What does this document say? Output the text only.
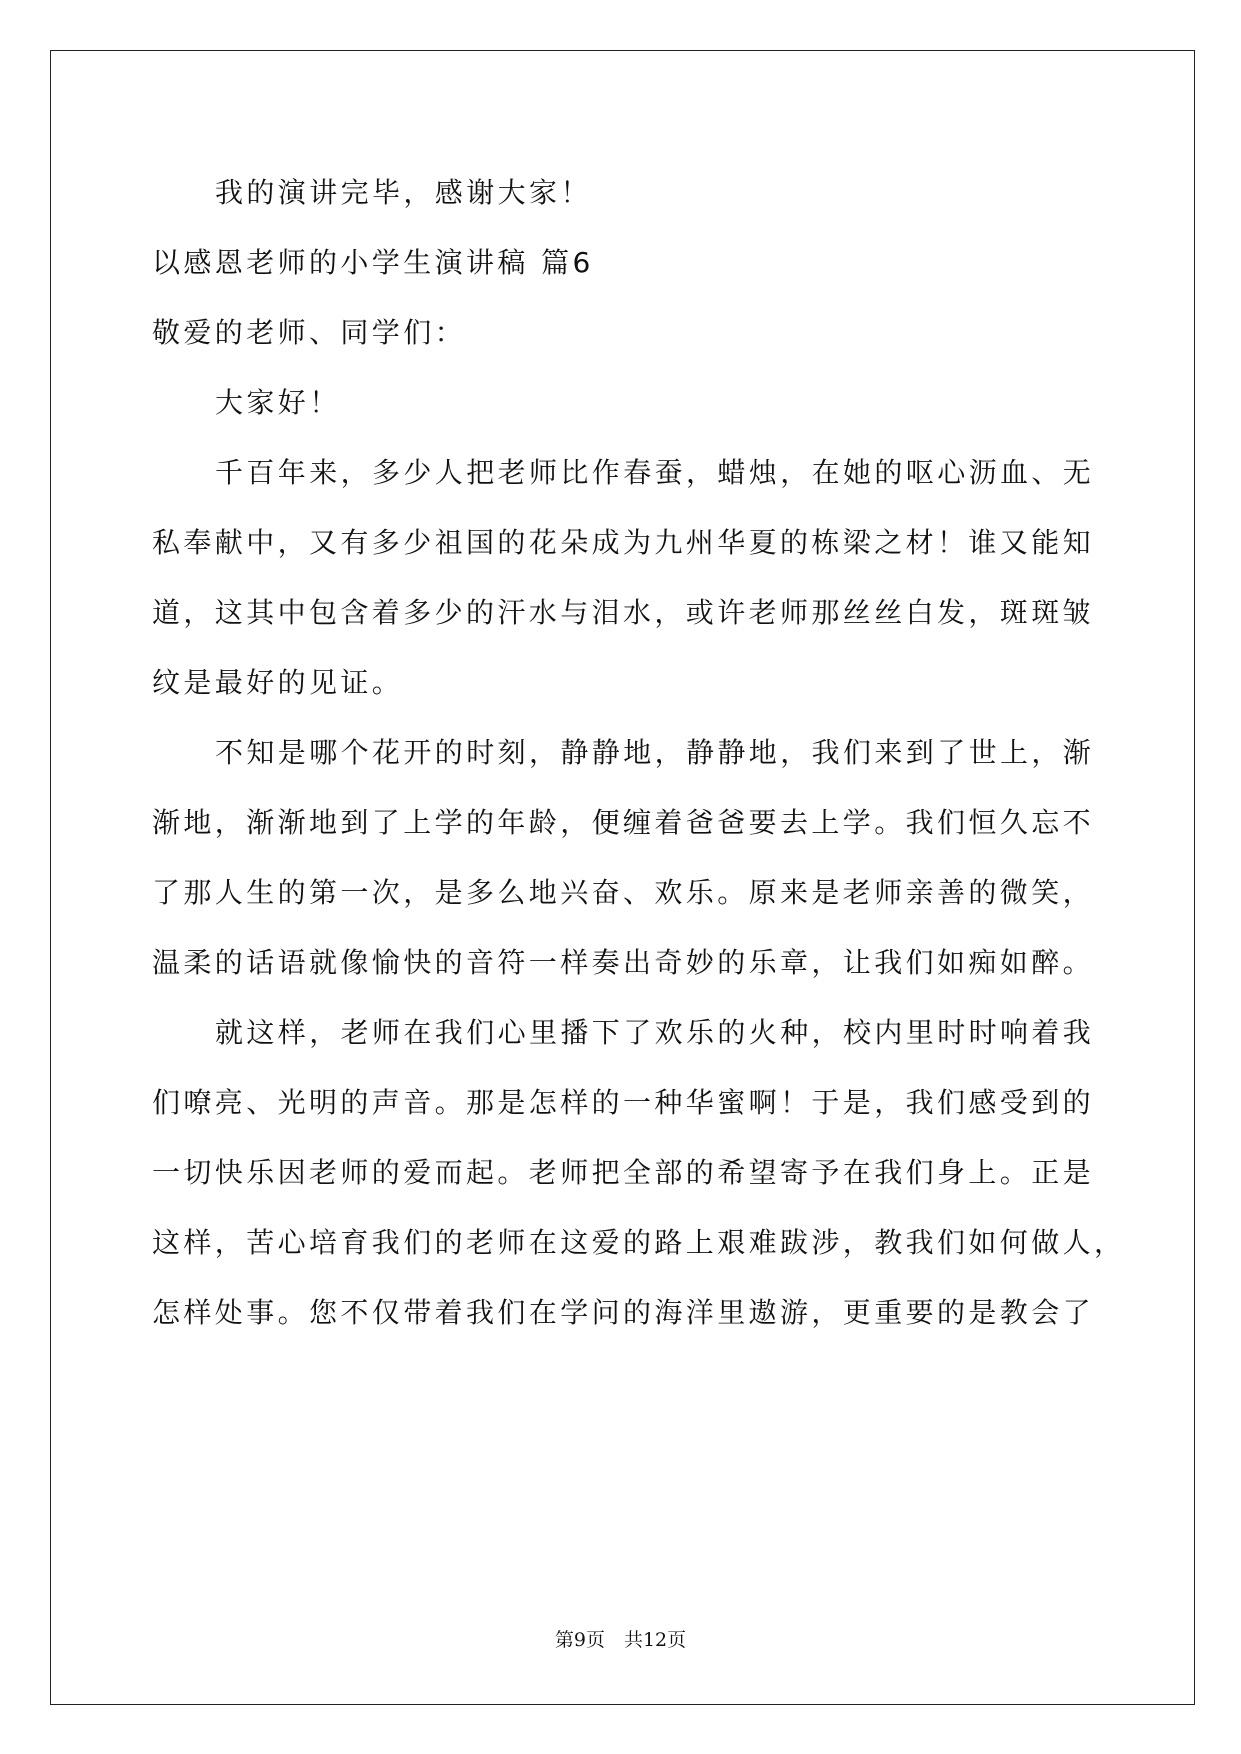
我的演讲完毕，感谢大家！

以感恩老师的小学生演讲稿 篇6

敬爱的老师、同学们：

大家好！

千百年来，多少人把老师比作春蚕，蜡烛，在她的呕心沥血、无

私奉献中，又有多少祖国的花朵成为九州华夏的栋梁之材！谁又能知

道，这其中包含着多少的汗水与泪水，或许老师那丝丝白发，斑斑皱

纹是最好的见证。

不知是哪个花开的时刻，静静地，静静地，我们来到了世上，渐

渐地，渐渐地到了上学的年龄，便缠着爸爸要去上学。我们恒久忘不

了那人生的第一次，是多么地兴奋、欢乐。原来是老师亲善的微笑，

温柔的话语就像愉快的音符一样奏出奇妙的乐章，让我们如痴如醉。

就这样，老师在我们心里播下了欢乐的火种，校内里时时响着我

们嘹亮、光明的声音。那是怎样的一种华蜜啊！于是，我们感受到的

一切快乐因老师的爱而起。老师把全部的希望寄予在我们身上。正是

这样，苦心培育我们的老师在这爱的路上艰难跋涉，教我们如何做人，

怎样处事。您不仅带着我们在学问的海洋里遨游，更重要的是教会了

第9页　共12页
